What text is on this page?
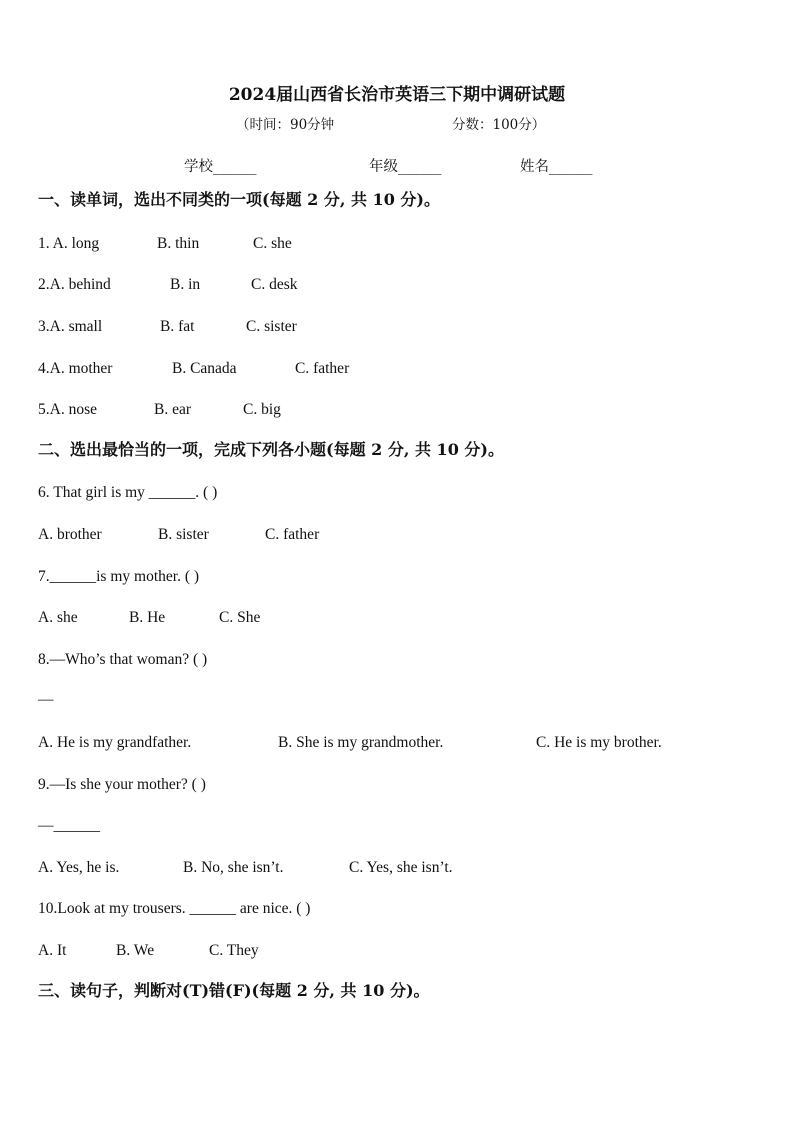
2024届山西省长治市英语三下期中调研试题
（时间：90分钟	分数：100分）
学校______	年级______	姓名______
一、读单词，选出不同类的一项(每题 2 分, 共 10 分)。
1. A. long	B. thin	C. she
2.A. behind	B. in	C. desk
3.A. small	B. fat	C. sister
4.A. mother	B. Canada	C. father
5.A. nose	B. ear	C. big
二、选出最恰当的一项，完成下列各小题(每题 2 分, 共 10 分)。
6. That girl is my ______. ( )
A. brother	B. sister	C. father
7.______is my mother. ( )
A. she	B. He	C. She
8.—Who’s that woman? ( )
—
A. He is my grandfather.	B. She is my grandmother.	C. He is my brother.
9.—Is she your mother? ( )
—______
A. Yes, he is.	B. No, she isn’t.	C. Yes, she isn’t.
10.Look at my trousers. ______ are nice. ( )
A. It	B. We	C. They
三、读句子，判断对(T)错(F)(每题 2 分, 共 10 分)。
